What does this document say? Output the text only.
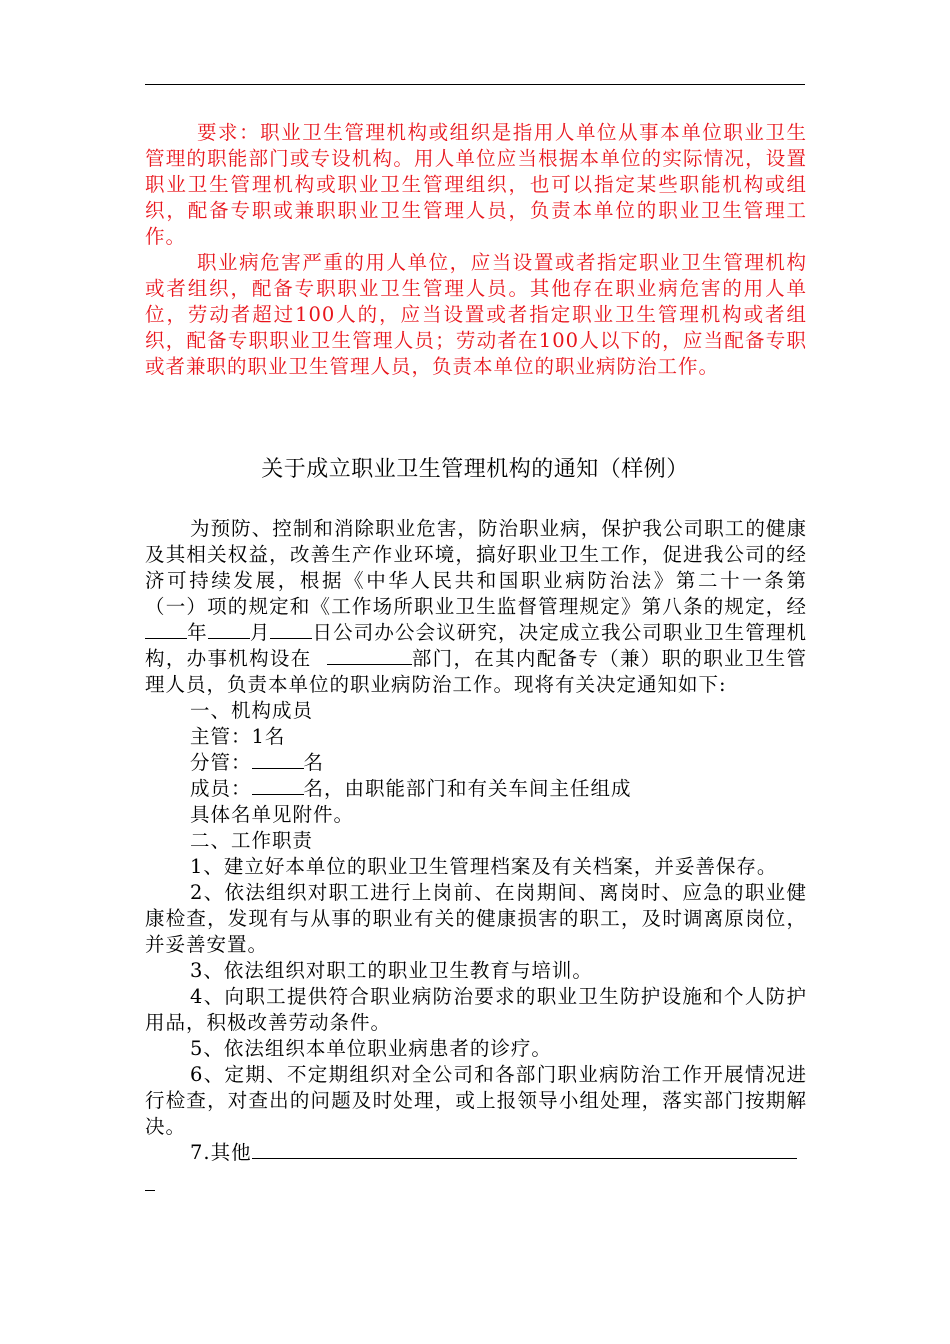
要求：职业卫生管理机构或组织是指用人单位从事本单位职业卫生管理的职能部门或专设机构。用人单位应当根据本单位的实际情况，设置职业卫生管理机构或职业卫生管理组织，也可以指定某些职能机构或组织，配备专职或兼职职业卫生管理人员，负责本单位的职业卫生管理工作。

职业病危害严重的用人单位，应当设置或者指定职业卫生管理机构或者组织，配备专职职业卫生管理人员。其他存在职业病危害的用人单位，劳动者超过100人的，应当设置或者指定职业卫生管理机构或者组织，配备专职职业卫生管理人员；劳动者在100人以下的，应当配备专职或者兼职的职业卫生管理人员，负责本单位的职业病防治工作。

关于成立职业卫生管理机构的通知（样例）

为预防、控制和消除职业危害，防治职业病，保护我公司职工的健康及其相关权益，改善生产作业环境，搞好职业卫生工作，促进我公司的经济可持续发展，根据《中华人民共和国职业病防治法》第二十一条第（一）项的规定和《工作场所职业卫生监督管理规定》第八条的规定，经年 月 日公司办公会议研究，决定成立我公司职业卫生管理机构，办事机构设在	部门，在其内配备专（兼）职的职业卫生管理人员，负责本单位的职业病防治工作。现将有关决定通知如下:

一、机构成员

主管：1名

分管：	名

成员：	名，由职能部门和有关车间主任组成

具体名单见附件。

二、工作职责

1、建立好本单位的职业卫生管理档案及有关档案，并妥善保存。

2、依法组织对职工进行上岗前、在岗期间、离岗时、应急的职业健康检查，发现有与从事的职业有关的健康损害的职工，及时调离原岗位，并妥善安置。

3、依法组织对职工的职业卫生教育与培训。

4、向职工提供符合职业病防治要求的职业卫生防护设施和个人防护用品，积极改善劳动条件。

5、依法组织本单位职业病患者的诊疗。

6、定期、不定期组织对全公司和各部门职业病防治工作开展情况进行检查，对查出的问题及时处理，或上报领导小组处理，落实部门按期解决。

7.其他
